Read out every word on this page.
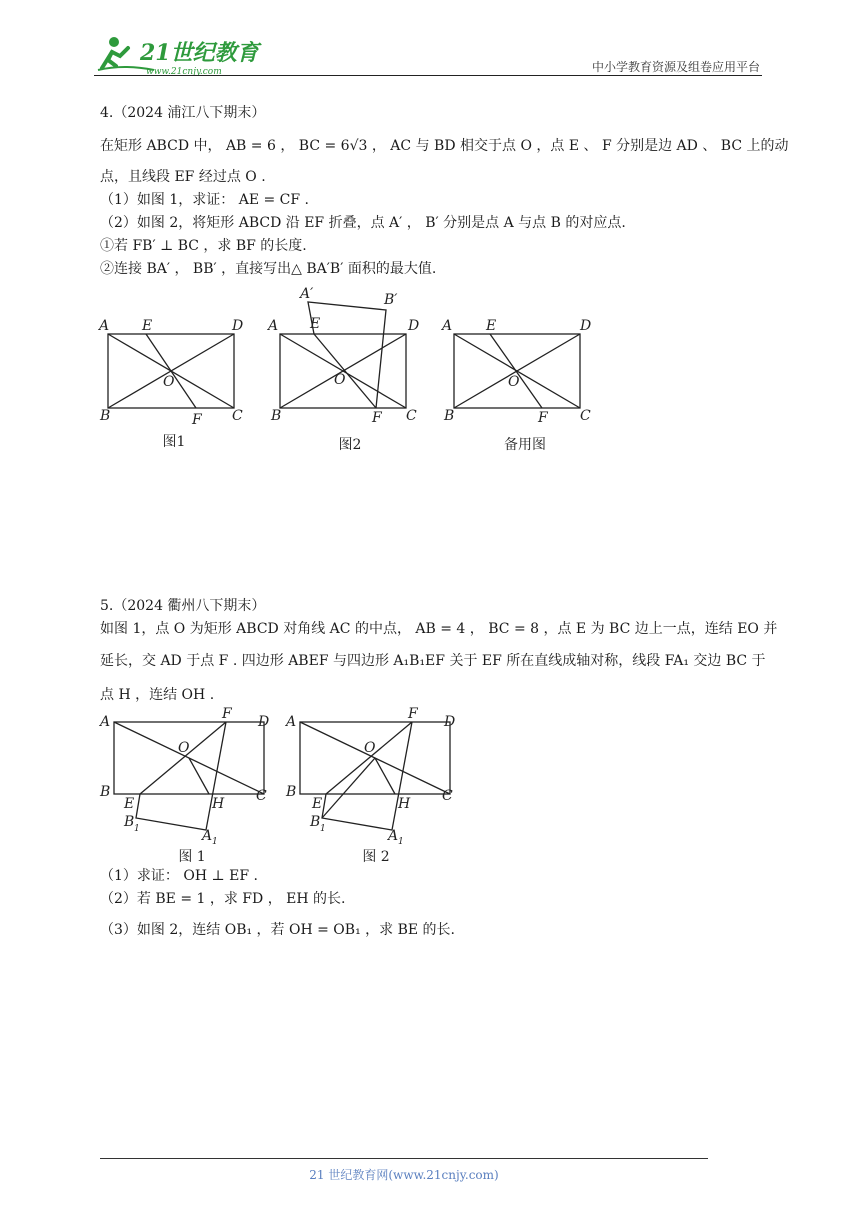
21世纪教育
www.21cnjy.com	中小学教育资源及组卷应用平台
4.（2024 浦江八下期末）
在矩形 ABCD 中， AB = 6 ， BC = 6√3 ， AC 与 BD 相交于点 O ，点 E 、 F 分别是边 AD 、 BC 上的动
点，且线段 EF 经过点 O .
（1）如图 1，求证： AE = CF .
（2）如图 2，将矩形 ABCD 沿 EF 折叠，点 A′ ， B′ 分别是点 A 与点 B 的对应点.
①若 FB′ ⊥ BC ，求 BF 的长度.
②连接 BA′ ， BB′ ，直接写出△ BA′B′ 面积的最大值.
A E	D
O
B	F C
A′	B′
A E	D
O
B	F C
A E	D
O
B	F C
图1	图2	备用图
5.（2024 衢州八下期末）
如图 1，点 O 为矩形 ABCD 对角线 AC 的中点， AB = 4 ， BC = 8 ，点 E 为 BC 边上一点，连结 EO 并
延长，交 AD 于点 F . 四边形 ABEF 与四边形 A₁B₁EF 关于 EF 所在直线成轴对称，线段 FA₁ 交边 BC 于
点 H ，连结 OH .
A	F D
O
B
E	H C
B 1	A 1
A	F D
O
B
E	H C
B 1	A 1
图 1	图 2
（1）求证： OH ⊥ EF .
（2）若 BE = 1 ，求 FD ， EH 的长.
（3）如图 2，连结 OB₁ ，若 OH = OB₁ ，求 BE 的长.
21 世纪教育网(www.21cnjy.com)
